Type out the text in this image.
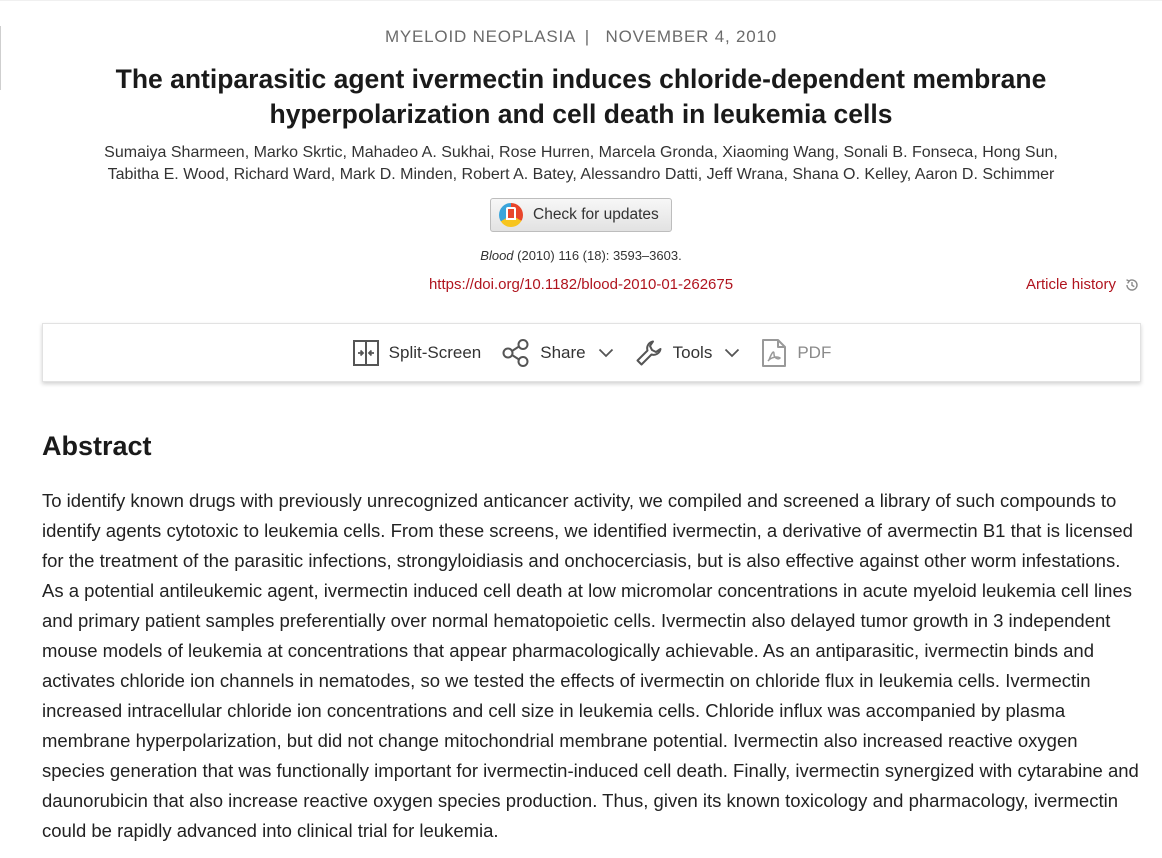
MYELOID NEOPLASIA | NOVEMBER 4, 2010
The antiparasitic agent ivermectin induces chloride-dependent membrane hyperpolarization and cell death in leukemia cells
Sumaiya Sharmeen, Marko Skrtic, Mahadeo A. Sukhai, Rose Hurren, Marcela Gronda, Xiaoming Wang, Sonali B. Fonseca, Hong Sun,
Tabitha E. Wood, Richard Ward, Mark D. Minden, Robert A. Batey, Alessandro Datti, Jeff Wrana, Shana O. Kelley, Aaron D. Schimmer
Check for updates
Blood (2010) 116 (18): 3593–3603.
https://doi.org/10.1182/blood-2010-01-262675	Article history
Split-Screen	Share	Tools	PDF
Abstract

To identify known drugs with previously unrecognized anticancer activity, we compiled and screened a library of such compounds to identify agents cytotoxic to leukemia cells. From these screens, we identified ivermectin, a derivative of avermectin B1 that is licensed for the treatment of the parasitic infections, strongyloidiasis and onchocerciasis, but is also effective against other worm infestations. As a potential antileukemic agent, ivermectin induced cell death at low micromolar concentrations in acute myeloid leukemia cell lines and primary patient samples preferentially over normal hematopoietic cells. Ivermectin also delayed tumor growth in 3 independent mouse models of leukemia at concentrations that appear pharmacologically achievable. As an antiparasitic, ivermectin binds and activates chloride ion channels in nematodes, so we tested the effects of ivermectin on chloride flux in leukemia cells. Ivermectin increased intracellular chloride ion concentrations and cell size in leukemia cells. Chloride influx was accompanied by plasma membrane hyperpolarization, but did not change mitochondrial membrane potential. Ivermectin also increased reactive oxygen species generation that was functionally important for ivermectin-induced cell death. Finally, ivermectin synergized with cytarabine and daunorubicin that also increase reactive oxygen species production. Thus, given its known toxicology and pharmacology, ivermectin could be rapidly advanced into clinical trial for leukemia.
